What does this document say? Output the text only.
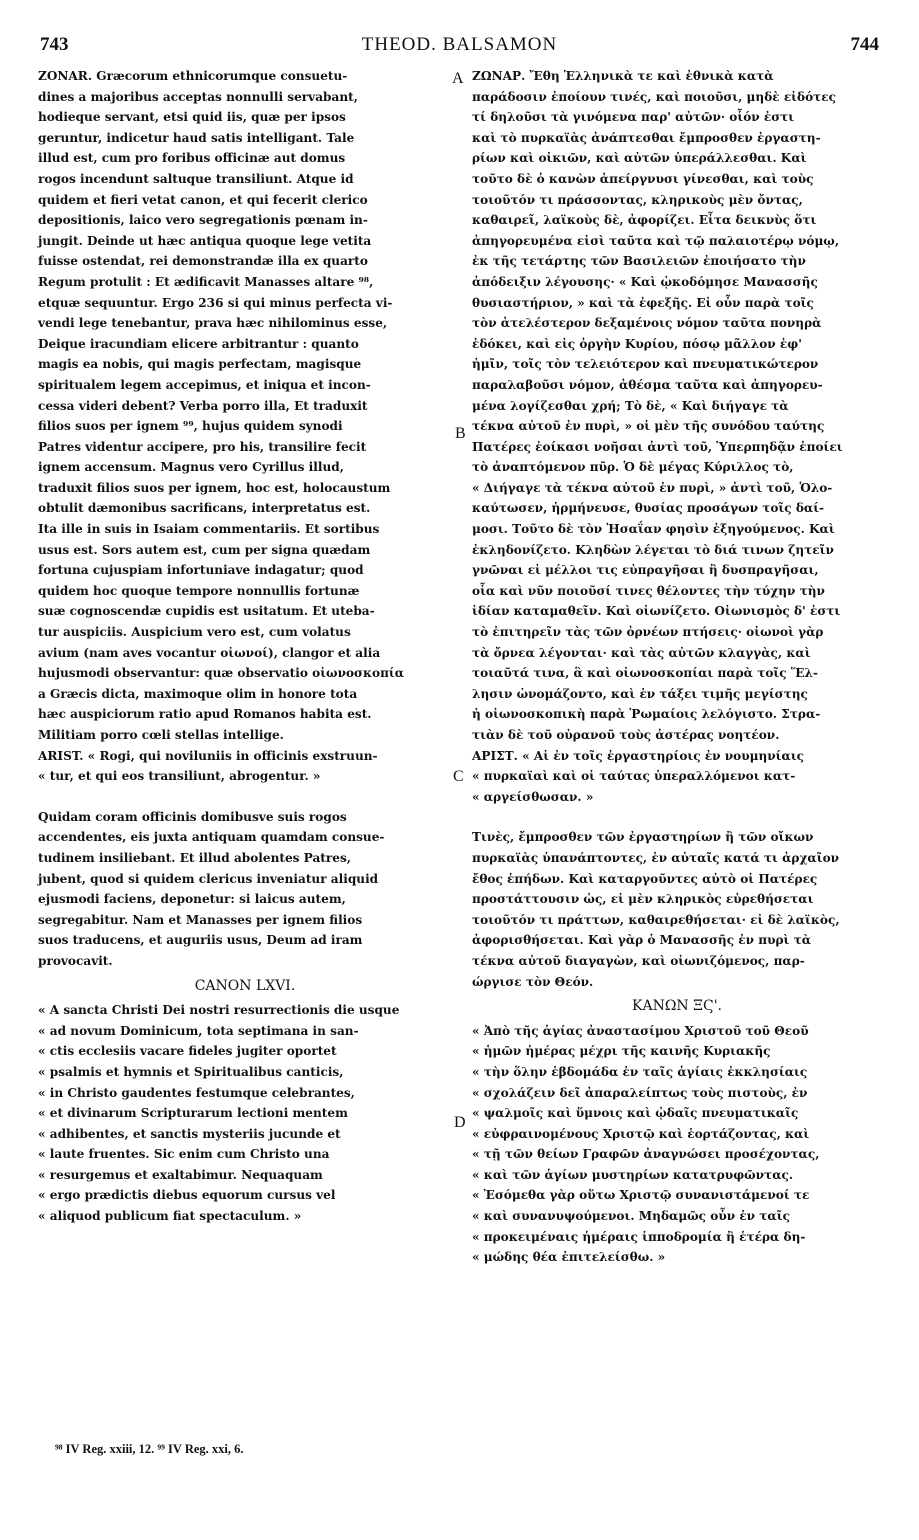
743	THEOD. BALSAMON	744
A
B
C
D
ZONAR. Græcorum ethnicorumque consuetu-
dines a majoribus acceptas nonnulli servabant,
hodieque servant, etsi quid iis, quæ per ipsos
geruntur, indicetur haud satis intelligant. Tale
illud est, cum pro foribus officinæ aut domus
rogos incendunt saltuque transiliunt. Atque id
quidem et fieri vetat canon, et qui fecerit clerico
depositionis, laico vero segregationis pœnam in-
jungit. Deinde ut hæc antiqua quoque lege vetita
fuisse ostendat, rei demonstrandæ illa ex quarto
Regum protulit : Et ædificavit Manasses altare ⁹⁸,
etquæ sequuntur. Ergo 236 si qui minus perfecta vi-
vendi lege tenebantur, prava hæc nihilominus esse,
Deique iracundiam elicere arbitrantur : quanto
magis ea nobis, qui magis perfectam, magisque
spiritualem legem accepimus, et iniqua et incon-
cessa videri debent? Verba porro illa, Et traduxit
filios suos per ignem ⁹⁹, hujus quidem synodi
Patres videntur accipere, pro his, transilire fecit
ignem accensum. Magnus vero Cyrillus illud,
traduxit filios suos per ignem, hoc est, holocaustum
obtulit dæmonibus sacrificans, interpretatus est.
Ita ille in suis in Isaiam commentariis. Et sortibus
usus est. Sors autem est, cum per signa quædam
fortuna cujuspiam infortuniave indagatur; quod
quidem hoc quoque tempore nonnullis fortunæ
suæ cognoscendæ cupidis est usitatum. Et uteba-
tur auspiciis. Auspicium vero est, cum volatus
avium (nam aves vocantur οἰωνοί), clangor et alia
hujusmodi observantur: quæ observatio οἰωνοσκοπία
a Græcis dicta, maximoque olim in honore tota
hæc auspiciorum ratio apud Romanos habita est.
Militiam porro cœli stellas intellige.
ARIST. « Rogi, qui noviluniis in officinis exstruun-
« tur, et qui eos transiliunt, abrogentur. »
Quidam coram officinis domibusve suis rogos
accendentes, eis juxta antiquam quamdam consue-
tudinem insiliebant. Et illud abolentes Patres,
jubent, quod si quidem clericus inveniatur aliquid
ejusmodi faciens, deponetur: si laicus autem,
segregabitur. Nam et Manasses per ignem filios
suos traducens, et auguriis usus, Deum ad iram
provocavit.
CANON LXVI.
« A sancta Christi Dei nostri resurrectionis die usque
« ad novum Dominicum, tota septimana in san-
« ctis ecclesiis vacare fideles jugiter oportet
« psalmis et hymnis et Spiritualibus canticis,
« in Christo gaudentes festumque celebrantes,
« et divinarum Scripturarum lectioni mentem
« adhibentes, et sanctis mysteriis jucunde et
« laute fruentes. Sic enim cum Christo una
« resurgemus et exaltabimur. Nequaquam
« ergo prædictis diebus equorum cursus vel
« aliquod publicum fiat spectaculum. »
ΖΩΝΑΡ. Ἔθη Ἑλληνικὰ τε καὶ ἐθνικὰ κατὰ
παράδοσιν ἐποίουν τινές, καὶ ποιοῦσι, μηδὲ εἰδότες
τί δηλοῦσι τὰ γινόμενα παρ' αὐτῶν· οἷόν ἐστι
καὶ τὸ πυρκαϊὰς ἀνάπτεσθαι ἔμπροσθεν ἐργαστη-
ρίων καὶ οἰκιῶν, καὶ αὐτῶν ὑπεράλλεσθαι. Καὶ
τοῦτο δὲ ὁ κανὼν ἀπείργνυσι γίνεσθαι, καὶ τοὺς
τοιοῦτόν τι πράσσοντας, κληρικοὺς μὲν ὄντας,
καθαιρεῖ, λαϊκοὺς δὲ, ἀφορίζει. Εἶτα δεικνὺς ὅτι
ἀπηγορευμένα εἰσὶ ταῦτα καὶ τῷ παλαιοτέρῳ νόμῳ,
ἐκ τῆς τετάρτης τῶν Βασιλειῶν ἐποιήσατο τὴν
ἀπόδειξιν λέγουσης· « Καὶ ᾠκοδόμησε Μανασσῆς
θυσιαστήριον, » καὶ τὰ ἐφεξῆς. Εἰ οὖν παρὰ τοῖς
τὸν ἀτελέστερον δεξαμένοις νόμον ταῦτα πονηρὰ
ἐδόκει, καὶ εἰς ὀργὴν Κυρίου, πόσῳ μᾶλλον ἐφ'
ἡμῖν, τοῖς τὸν τελειότερον καὶ πνευματικώτερον
παραλαβοῦσι νόμον, ἀθέσμα ταῦτα καὶ ἀπηγορευ-
μένα λογίζεσθαι χρή; Τὸ δὲ, « Καὶ διήγαγε τὰ
τέκνα αὐτοῦ ἐν πυρὶ, » οἱ μὲν τῆς συνόδου ταύτης
Πατέρες ἐοίκασι νοῆσαι ἀντὶ τοῦ, Ὑπερπηδᾷν ἐποίει
τὸ ἀναπτόμενον πῦρ. Ὁ δὲ μέγας Κύριλλος τὸ,
« Διήγαγε τὰ τέκνα αὐτοῦ ἐν πυρὶ, » ἀντὶ τοῦ, Ὁλο-
καύτωσεν, ἡρμήνευσε, θυσίας προσάγων τοῖς δαί-
μοσι. Τοῦτο δὲ τὸν Ἠσαΐαν φησὶν ἐξηγούμενος. Καὶ
ἐκληδονίζετο. Κληδὼν λέγεται τὸ διά τινων ζητεῖν
γνῶναι εἰ μέλλοι τις εὐπραγῆσαι ἢ δυσπραγῆσαι,
οἷα καὶ νῦν ποιοῦσί τινες θέλοντες τὴν τύχην τὴν
ἰδίαν καταμαθεῖν. Καὶ οἰωνίζετο. Οἰωνισμὸς δ' ἐστι
τὸ ἐπιτηρεῖν τὰς τῶν ὀρνέων πτήσεις· οἰωνοὶ γὰρ
τὰ ὄρνεα λέγονται· καὶ τὰς αὐτῶν κλαγγὰς, καὶ
τοιαῦτά τινα, ἃ καὶ οἰωνοσκοπίαι παρὰ τοῖς Ἕλ-
λησιν ὠνομάζοντο, καὶ ἐν τάξει τιμῆς μεγίστης
ἡ οἰωνοσκοπικὴ παρὰ Ῥωμαίοις λελόγιστο. Στρα-
τιὰν δὲ τοῦ οὐρανοῦ τοὺς ἀστέρας νοητέον.
ΑΡΙΣΤ. « Αἱ ἐν τοῖς ἐργαστηρίοις ἐν νουμηνίαις
« πυρκαϊαὶ καὶ οἱ ταύτας ὑπεραλλόμενοι κατ-
« αργείσθωσαν. »
Τινὲς, ἔμπροσθεν τῶν ἐργαστηρίων ἢ τῶν οἴκων
πυρκαϊὰς ὑπανάπτοντες, ἐν αὐταῖς κατά τι ἀρχαῖον
ἔθος ἐπήδων. Καὶ καταργοῦντες αὐτὸ οἱ Πατέρες
προστάττουσιν ὡς, εἰ μὲν κληρικὸς εὑρεθήσεται
τοιοῦτόν τι πράττων, καθαιρεθήσεται· εἰ δὲ λαϊκὸς,
ἀφορισθήσεται. Καὶ γὰρ ὁ Μανασσῆς ἐν πυρὶ τὰ
τέκνα αὐτοῦ διαγαγὼν, καὶ οἰωνιζόμενος, παρ-
ώργισε τὸν Θεόν.
ΚΑΝΩΝ ΞϚ'.
« Ἀπὸ τῆς ἁγίας ἀναστασίμου Χριστοῦ τοῦ Θεοῦ
« ἡμῶν ἡμέρας μέχρι τῆς καινῆς Κυριακῆς
« τὴν ὅλην ἑβδομάδα ἐν ταῖς ἁγίαις ἐκκλησίαις
« σχολάζειν δεῖ ἀπαραλείπτως τοὺς πιστοὺς, ἐν
« ψαλμοῖς καὶ ὕμνοις καὶ ᾠδαῖς πνευματικαῖς
« εὐφραινομένους Χριστῷ καὶ ἑορτάζοντας, καὶ
« τῇ τῶν θείων Γραφῶν ἀναγνώσει προσέχοντας,
« καὶ τῶν ἁγίων μυστηρίων κατατρυφῶντας.
« Ἐσόμεθα γὰρ οὕτω Χριστῷ συνανιστάμενοί τε
« καὶ συνανυψούμενοι. Μηδαμῶς οὖν ἐν ταῖς
« προκειμέναις ἡμέραις ἱπποδρομία ἢ ἑτέρα δη-
« μώδης θέα ἐπιτελείσθω. »
⁹⁸ IV Reg. xxiii, 12. ⁹⁹ IV Reg. xxi, 6.
